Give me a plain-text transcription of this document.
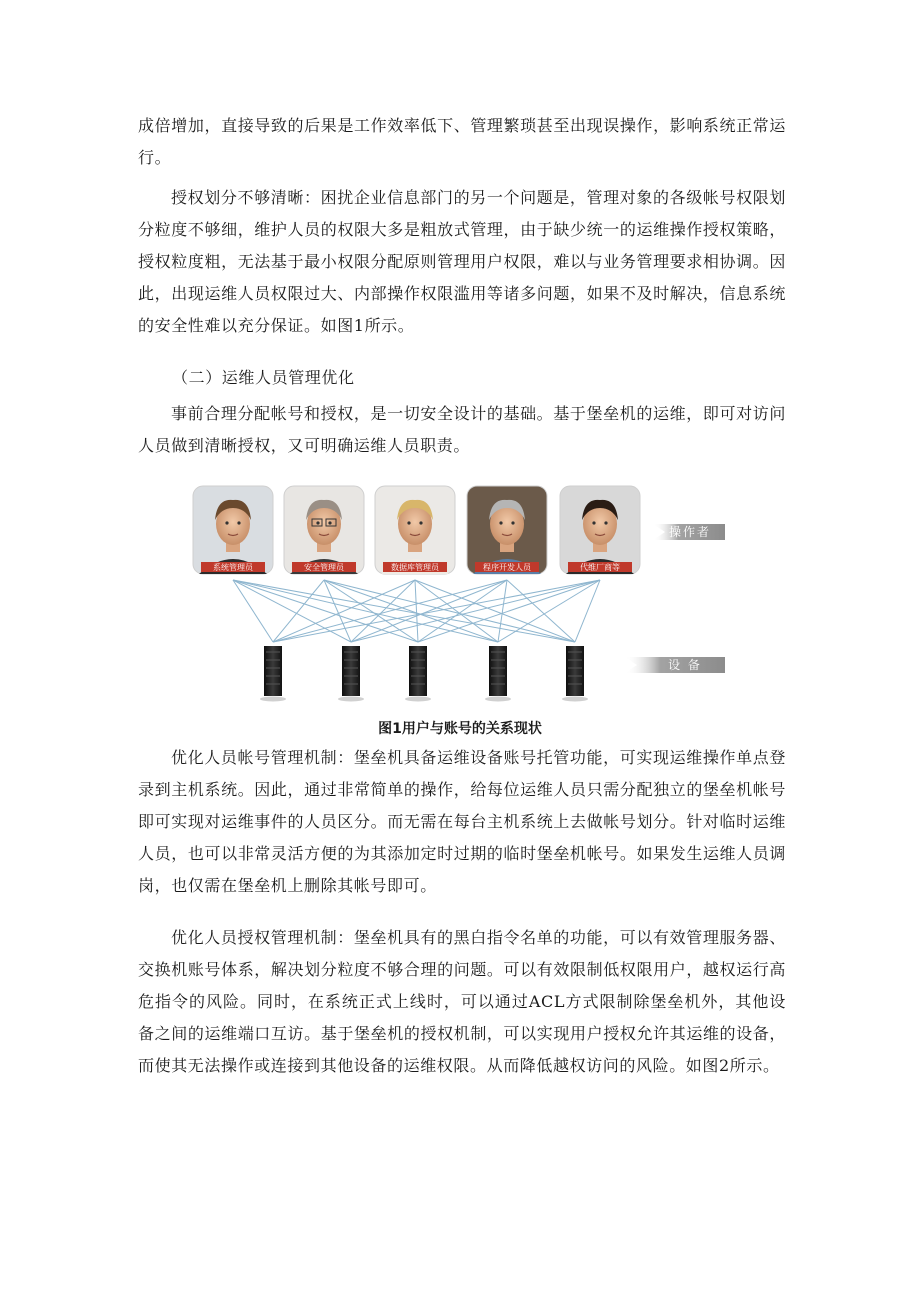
成倍增加，直接导致的后果是工作效率低下、管理繁琐甚至出现误操作，影响系统正常运行。

授权划分不够清晰：困扰企业信息部门的另一个问题是，管理对象的各级帐号权限划分粒度不够细，维护人员的权限大多是粗放式管理，由于缺少统一的运维操作授权策略，授权粒度粗，无法基于最小权限分配原则管理用户权限，难以与业务管理要求相协调。因此，出现运维人员权限过大、内部操作权限滥用等诸多问题，如果不及时解决，信息系统的安全性难以充分保证。如图1所示。

（二）运维人员管理优化

事前合理分配帐号和授权，是一切安全设计的基础。基于堡垒机的运维，即可对访问人员做到清晰授权，又可明确运维人员职责。

系统管理员	安全管理员	数据库管理员	程序开发人员	代维厂商等
操作者
设 备

图1用户与账号的关系现状

优化人员帐号管理机制：堡垒机具备运维设备账号托管功能，可实现运维操作单点登录到主机系统。因此，通过非常简单的操作，给每位运维人员只需分配独立的堡垒机帐号即可实现对运维事件的人员区分。而无需在每台主机系统上去做帐号划分。针对临时运维人员，也可以非常灵活方便的为其添加定时过期的临时堡垒机帐号。如果发生运维人员调岗，也仅需在堡垒机上删除其帐号即可。

优化人员授权管理机制：堡垒机具有的黑白指令名单的功能，可以有效管理服务器、交换机账号体系，解决划分粒度不够合理的问题。可以有效限制低权限用户，越权运行高危指令的风险。同时，在系统正式上线时，可以通过ACL方式限制除堡垒机外，其他设备之间的运维端口互访。基于堡垒机的授权机制，可以实现用户授权允许其运维的设备，而使其无法操作或连接到其他设备的运维权限。从而降低越权访问的风险。如图2所示。
